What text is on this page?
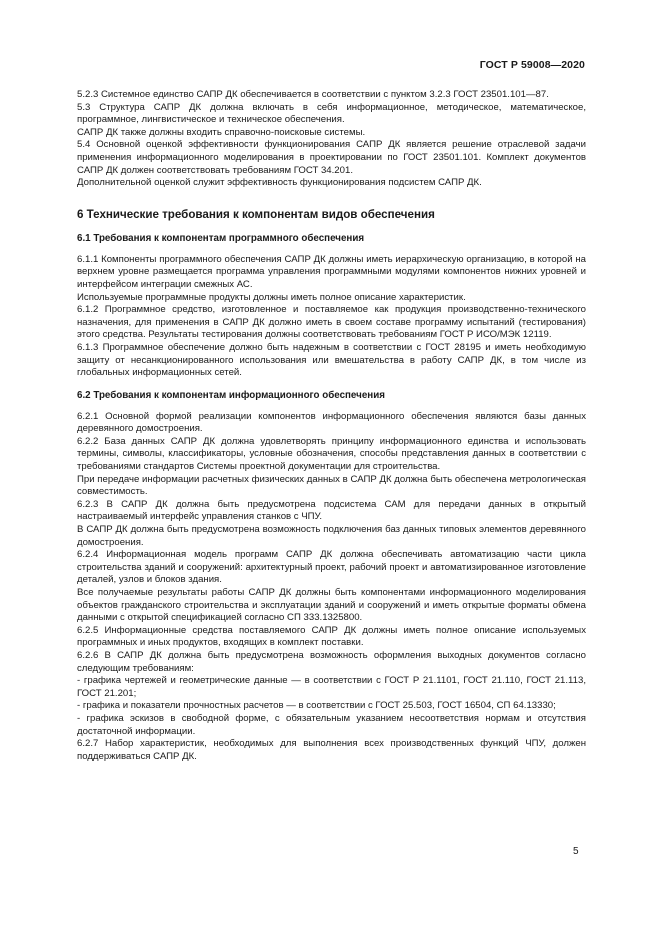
ГОСТ Р 59008—2020

5.2.3 Системное единство САПР ДК обеспечивается в соответствии с пунктом 3.2.3 ГОСТ 23501.101—87.

5.3 Структура САПР ДК должна включать в себя информационное, методическое, математическое, программное, лингвистическое и техническое обеспечения.

САПР ДК также должны входить справочно-поисковые системы.

5.4 Основной оценкой эффективности функционирования САПР ДК является решение отраслевой задачи применения информационного моделирования в проектировании по ГОСТ 23501.101. Комплект документов САПР ДК должен соответствовать требованиям ГОСТ 34.201.

Дополнительной оценкой служит эффективность функционирования подсистем САПР ДК.

6 Технические требования к компонентам видов обеспечения
6.1 Требования к компонентам программного обеспечения

6.1.1 Компоненты программного обеспечения САПР ДК должны иметь иерархическую организацию, в которой на верхнем уровне размещается программа управления программными модулями компонентов нижних уровней и интерфейсом интеграции смежных АС.

Используемые программные продукты должны иметь полное описание характеристик.

6.1.2 Программное средство, изготовленное и поставляемое как продукция производственно-технического назначения, для применения в САПР ДК должно иметь в своем составе программу испытаний (тестирования) этого средства. Результаты тестирования должны соответствовать требованиям ГОСТ Р ИСО/МЭК 12119.

6.1.3 Программное обеспечение должно быть надежным в соответствии с ГОСТ 28195 и иметь необходимую защиту от несанкционированного использования или вмешательства в работу САПР ДК, в том числе из глобальных информационных сетей.

6.2 Требования к компонентам информационного обеспечения

6.2.1 Основной формой реализации компонентов информационного обеспечения являются базы данных деревянного домостроения.

6.2.2 База данных САПР ДК должна удовлетворять принципу информационного единства и использовать термины, символы, классификаторы, условные обозначения, способы представления данных в соответствии с требованиями стандартов Системы проектной документации для строительства.

При передаче информации расчетных физических данных в САПР ДК должна быть обеспечена метрологическая совместимость.

6.2.3 В САПР ДК должна быть предусмотрена подсистема САМ для передачи данных в открытый настраиваемый интерфейс управления станков с ЧПУ.

В САПР ДК должна быть предусмотрена возможность подключения баз данных типовых элементов деревянного домостроения.

6.2.4 Информационная модель программ САПР ДК должна обеспечивать автоматизацию части цикла строительства зданий и сооружений: архитектурный проект, рабочий проект и автоматизированное изготовление деталей, узлов и блоков здания.

Все получаемые результаты работы САПР ДК должны быть компонентами информационного моделирования объектов гражданского строительства и эксплуатации зданий и сооружений и иметь открытые форматы обмена данными с открытой спецификацией согласно СП 333.1325800.

6.2.5 Информационные средства поставляемого САПР ДК должны иметь полное описание используемых программных и иных продуктов, входящих в комплект поставки.

6.2.6 В САПР ДК должна быть предусмотрена возможность оформления выходных документов согласно следующим требованиям:

- графика чертежей и геометрические данные — в соответствии с ГОСТ Р 21.1101, ГОСТ 21.110, ГОСТ 21.113, ГОСТ 21.201;

- графика и показатели прочностных расчетов — в соответствии с ГОСТ 25.503, ГОСТ 16504, СП 64.13330;

- графика эскизов в свободной форме, с обязательным указанием несоответствия нормам и отсутствия достаточной информации.

6.2.7 Набор характеристик, необходимых для выполнения всех производственных функций ЧПУ, должен поддерживаться САПР ДК.

5
